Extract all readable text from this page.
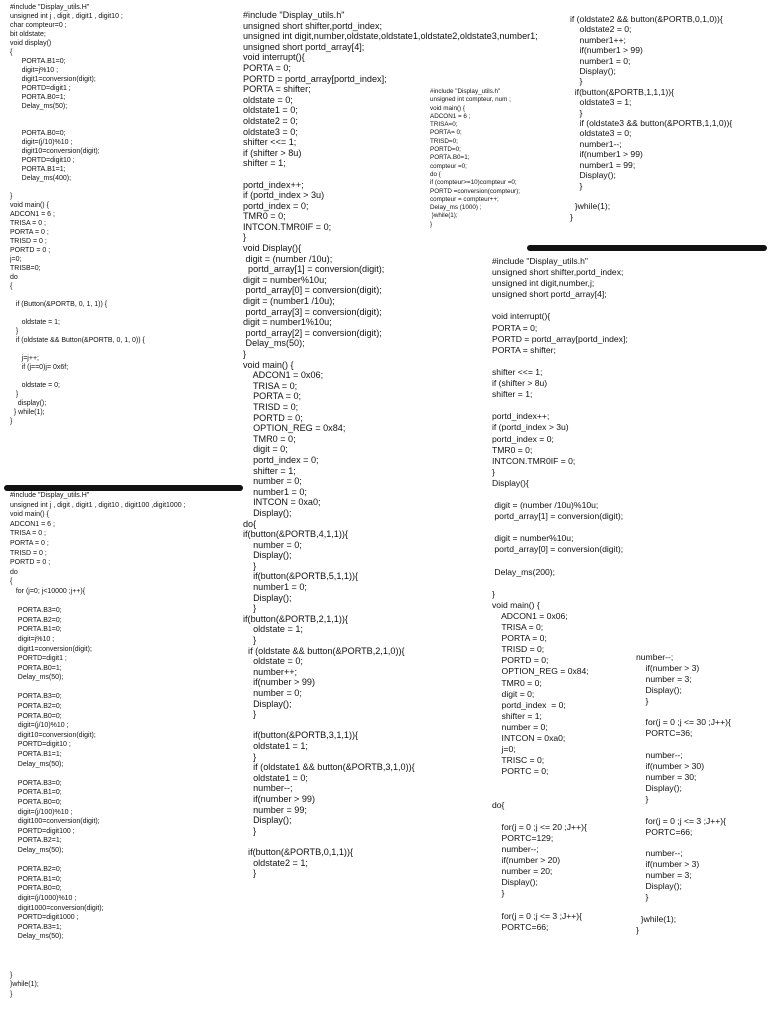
#include "Display_utils.H"
unsigned int j , digit , digit1 , digit10 ;
char compteur=0 ;
bit oldstate;
void display()
{
PORTA.B1=0;
digit=j%10 ;
digit1=conversion(digit);
PORTD=digit1 ;
PORTA.B0=1;
Delay_ms(50);

PORTA.B0=0;
digit=(j/10)%10 ;
digit10=conversion(digit);
PORTD=digit10 ;
PORTA.B1=1;
Delay_ms(400);

}
void main() {
ADCON1 = 6 ;
TRISA = 0 ;
PORTA = 0 ;
TRISD = 0 ;
PORTD = 0 ;
j=0;
TRISB=0;
do
{

if (Button(&PORTB, 0, 1, 1)) {

oldstate = 1;
}
if (oldstate && Button(&PORTB, 0, 1, 0)) {

j=j++;
if (j==0)j= 0x6f;

oldstate = 0;
}
display();
} while(1);
}
#include "Display_utils.H"
unsigned int j , digit , digit1 , digit10 , digit100 ,digit1000 ;
void main() {
ADCON1 = 6 ;
TRISA = 0 ;
PORTA = 0 ;
TRISD = 0 ;
PORTD = 0 ;
do
{
for (j=0; j<10000 ;j++){

PORTA.B3=0;
PORTA.B2=0;
PORTA.B1=0;
digit=j%10 ;
digit1=conversion(digit);
PORTD=digit1 ;
PORTA.B0=1;
Delay_ms(50);

PORTA.B3=0;
PORTA.B2=0;
PORTA.B0=0;
digit=(j/10)%10 ;
digit10=conversion(digit);
PORTD=digit10 ;
PORTA.B1=1;
Delay_ms(50);

PORTA.B3=0;
PORTA.B1=0;
PORTA.B0=0;
digit=(j/100)%10 ;
digit100=conversion(digit);
PORTD=digit100 ;
PORTA.B2=1;
Delay_ms(50);

PORTA.B2=0;
PORTA.B1=0;
PORTA.B0=0;
digit=(j/1000)%10 ;
digit1000=conversion(digit);
PORTD=digit1000 ;
PORTA.B3=1;
Delay_ms(50);

}
}while(1);
}
#include "Display_utils.h"
unsigned short shifter,portd_index;
unsigned int digit,number,oldstate,oldstate1,oldstate2,oldstate3,number1;
unsigned short portd_array[4];
void interrupt(){
PORTA = 0;
PORTD = portd_array[portd_index];
PORTA = shifter;
oldstate = 0;
oldstate1 = 0;
oldstate2 = 0;
oldstate3 = 0;
shifter <<= 1;
if (shifter > 8u)
shifter = 1;

portd_index++;
if (portd_index > 3u)
portd_index = 0;
TMR0 = 0;
INTCON.TMR0IF = 0;
}
void Display(){
digit = (number /10u);
portd_array[1] = conversion(digit);
digit = number%10u;
portd_array[0] = conversion(digit);
digit = (number1 /10u);
portd_array[3] = conversion(digit);
digit = number1%10u;
portd_array[2] = conversion(digit);
Delay_ms(50);
}
void main() {
ADCON1 = 0x06;
TRISA = 0;
PORTA = 0;
TRISD = 0;
PORTD = 0;
OPTION_REG = 0x84;
TMR0 = 0;
digit = 0;
portd_index = 0;
shifter = 1;
number = 0;
number1 = 0;
INTCON = 0xa0;
Display();
do{
if(button(&PORTB,4,1,1)){
number = 0;
Display();
}
if(button(&PORTB,5,1,1)){
number1 = 0;
Display();
}
if(button(&PORTB,2,1,1)){
oldstate = 1;
}
if (oldstate && button(&PORTB,2,1,0)){
oldstate = 0;
number++;
if(number > 99)
number = 0;
Display();
}

if(button(&PORTB,3,1,1)){
oldstate1 = 1;
}
if (oldstate1 && button(&PORTB,3,1,0)){
oldstate1 = 0;
number--;
if(number > 99)
number = 99;
Display();
}

if(button(&PORTB,0,1,1)){
oldstate2 = 1;
}
#include "Display_utils.h"
unsigned int compteur, num ;
void main() {
ADCON1 = 6 ;
TRISA=0;
PORTA= 0;
TRISD=0;
PORTD=0;
PORTA.B0=1;
compteur =0;
do {
if (compteur>=10)compteur =0;
PORTD =conversion(compteur);
compteur = compteur++;
Delay_ms (1000) ;
}while(1);
}
if (oldstate2 && button(&PORTB,0,1,0)){
oldstate2 = 0;
number1++;
if(number1 > 99)
number1 = 0;
Display();
}
if(button(&PORTB,1,1,1)){
oldstate3 = 1;
}
if (oldstate3 && button(&PORTB,1,1,0)){
oldstate3 = 0;
number1--;
if(number1 > 99)
number1 = 99;
Display();
}

}while(1);
}
#include "Display_utils.h"
unsigned short shifter,portd_index;
unsigned int digit,number,j;
unsigned short portd_array[4];

void interrupt(){
PORTA = 0;
PORTD = portd_array[portd_index];
PORTA = shifter;

shifter <<= 1;
if (shifter > 8u)
shifter = 1;

portd_index++;
if (portd_index > 3u)
portd_index = 0;
TMR0 = 0;
INTCON.TMR0IF = 0;
}
Display(){

digit = (number /10u)%10u;
portd_array[1] = conversion(digit);

digit = number%10u;
portd_array[0] = conversion(digit);

Delay_ms(200);

}
void main() {
ADCON1 = 0x06;
TRISA = 0;
PORTA = 0;
TRISD = 0;
PORTD = 0;
OPTION_REG = 0x84;
TMR0 = 0;
digit = 0;
portd_index  = 0;
shifter = 1;
number = 0;
INTCON = 0xa0;
j=0;
TRISC = 0;
PORTC = 0;

do{

for(j = 0 ;j <= 20 ;J++){
PORTC=129;
number--;
if(number > 20)
number = 20;
Display();
}

for(j = 0 ;j <= 3 ;J++){
PORTC=66;
number--;
if(number > 3)
number = 3;
Display();
}

for(j = 0 ;j <= 30 ;J++){
PORTC=36;

number--;
if(number > 30)
number = 30;
Display();
}

for(j = 0 ;j <= 3 ;J++){
PORTC=66;

number--;
if(number > 3)
number = 3;
Display();
}

}while(1);
}
